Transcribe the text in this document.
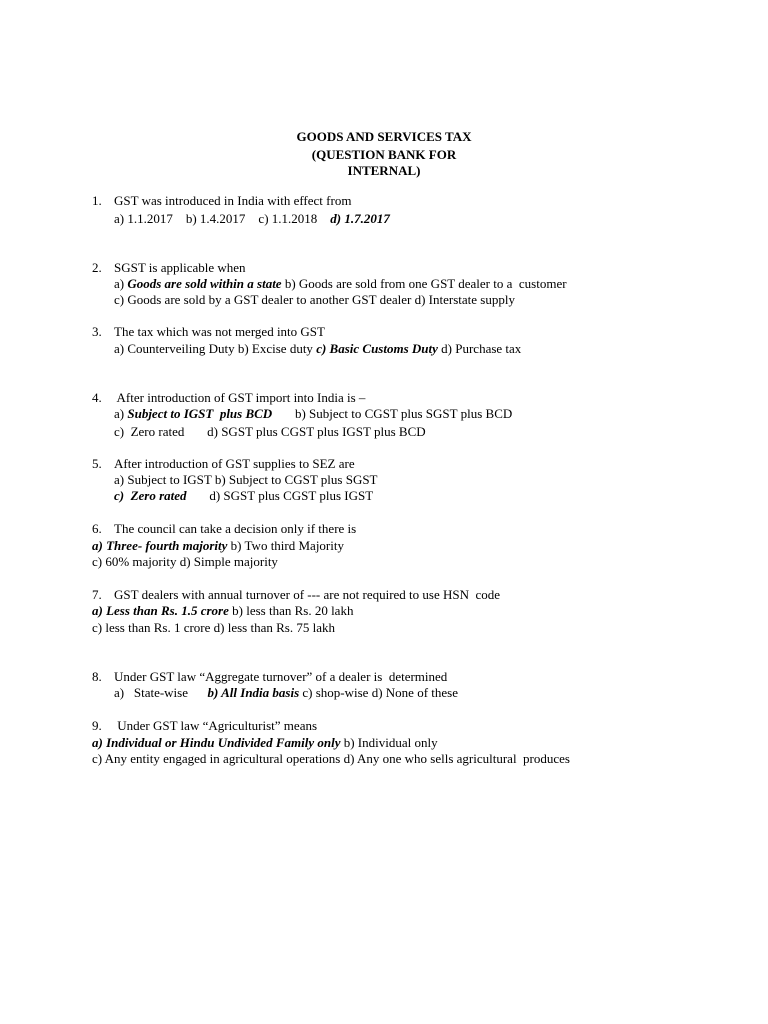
GOODS AND SERVICES TAX
(QUESTION BANK FOR
INTERNAL)
1. GST was introduced in India with effect from
a) 1.1.2017    b) 1.4.2017    c) 1.1.2018    d) 1.7.2017
2. SGST is applicable when
a) Goods are sold within a state b) Goods are sold from one GST dealer to a  customer
c) Goods are sold by a GST dealer to another GST dealer d) Interstate supply
3. The tax which was not merged into GST
a) Counterveiling Duty b) Excise duty c) Basic Customs Duty d) Purchase tax
4. After introduction of GST import into India is –
a) Subject to IGST  plus BCD       b) Subject to CGST plus SGST plus BCD
c)  Zero rated       d) SGST plus CGST plus IGST plus BCD
5. After introduction of GST supplies to SEZ are
a) Subject to IGST b) Subject to CGST plus SGST
c)  Zero rated       d) SGST plus CGST plus IGST
6. The council can take a decision only if there is
a) Three- fourth majority b) Two third Majority
c) 60% majority d) Simple majority
7. GST dealers with annual turnover of --- are not required to use HSN  code
a) Less than Rs. 1.5 crore b) less than Rs. 20 lakh
c) less than Rs. 1 crore d) less than Rs. 75 lakh
8. Under GST law “Aggregate turnover” of a dealer is  determined
a)   State-wise      b) All India basis c) shop-wise d) None of these
9. Under GST law “Agriculturist” means
a) Individual or Hindu Undivided Family only b) Individual only
c) Any entity engaged in agricultural operations d) Any one who sells agricultural  produces
